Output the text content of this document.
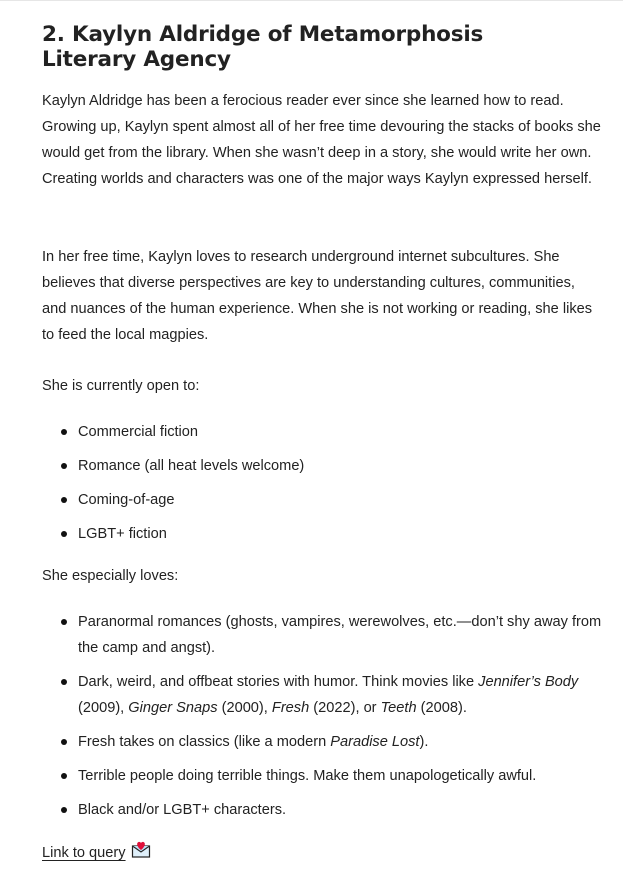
2. Kaylyn Aldridge of Metamorphosis Literary Agency

Kaylyn Aldridge has been a ferocious reader ever since she learned how to read. Growing up, Kaylyn spent almost all of her free time devouring the stacks of books she would get from the library. When she wasn’t deep in a story, she would write her own. Creating worlds and characters was one of the major ways Kaylyn expressed herself.

In her free time, Kaylyn loves to research underground internet subcultures. She believes that diverse perspectives are key to understanding cultures, communities, and nuances of the human experience. When she is not working or reading, she likes to feed the local magpies.

She is currently open to:

Commercial fiction
Romance (all heat levels welcome)
Coming-of-age
LGBT+ fiction

She especially loves:

Paranormal romances (ghosts, vampires, werewolves, etc.—don’t shy away from the camp and angst).
Dark, weird, and offbeat stories with humor. Think movies like Jennifer’s Body (2009), Ginger Snaps (2000), Fresh (2022), or Teeth (2008).
Fresh takes on classics (like a modern Paradise Lost).
Terrible people doing terrible things. Make them unapologetically awful.
Black and/or LGBT+ characters.
Link to query
